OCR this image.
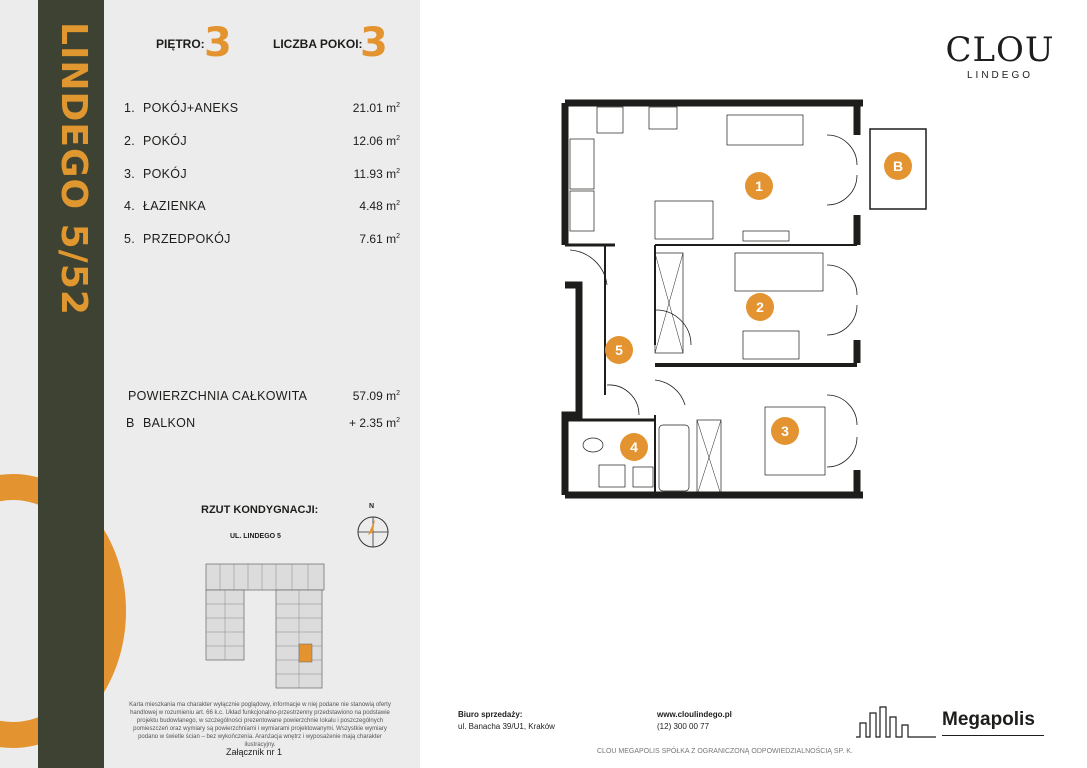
LINDEGO 5/52	PIĘTRO: 3	LICZBA POKOI:
3
1. POKÓJ+ANEKS	21.01 $m^2$
2. POKÓJ	12.06 $m^2$
3. POKÓJ	11.93 $m^2$
4. ŁAZIENKA	4.48 $m^2$
5. PRZEDPOKÓJ	7.61 $m^2$
POWIERZCHNIA CAŁKOWITA	57.09 $m^2$
B BALKON	+ 2.35 $m^2$
RZUT KONDYGNACJI:
UL. LINDEGO 5
N
Karta mieszkania ma charakter wyłącznie poglądowy, informacje w niej podane nie stanowią oferty handlowej w rozumieniu art. 66 k.c. Układ funkcjonalno-przestrzenny przedstawiono na podstawie projektu budowlanego, w szczególności prezentowane powierzchnie lokalu i poszczególnych pomieszczeń oraz wymiary są powierzchniami i wymiarami projektowanymi. Wszystkie wymiary podano w świetle ścian – bez wykończenia. Aranżacja wnętrz i wyposażenie mają charakter ilustracyjny.
Załącznik nr 1
1
2
3
4
5
B
CLOU
LINDEGO
Biuro sprzedaży:
ul. Banacha 39/U1, Kraków
www.cloulindego.pl
(12) 300 00 77
CLOU MEGAPOLIS SPÓŁKA Z OGRANICZONĄ ODPOWIEDZIALNOŚCIĄ SP. K.
Megapolis
